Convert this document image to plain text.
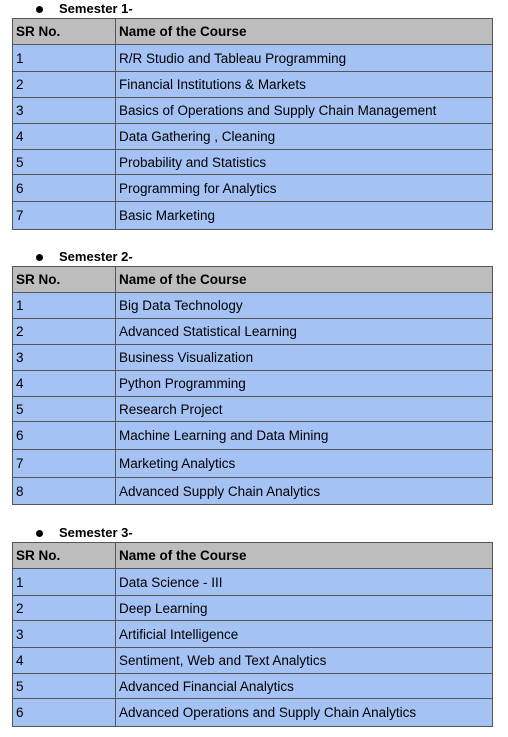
Semester 1-
SR No.	Name of the Course
1	R/R Studio and Tableau Programming
2	Financial Institutions & Markets
3	Basics of Operations and Supply Chain Management
4	Data Gathering , Cleaning
5	Probability and Statistics
6	Programming for Analytics
7	Basic Marketing
Semester 2-
SR No.	Name of the Course
1	Big Data Technology
2	Advanced Statistical Learning
3	Business Visualization
4	Python Programming
5	Research Project
6	Machine Learning and Data Mining
7	Marketing Analytics
8	Advanced Supply Chain Analytics
Semester 3-
SR No.	Name of the Course
1	Data Science - III
2	Deep Learning
3	Artificial Intelligence
4	Sentiment, Web and Text Analytics
5	Advanced Financial Analytics
6	Advanced Operations and Supply Chain Analytics
